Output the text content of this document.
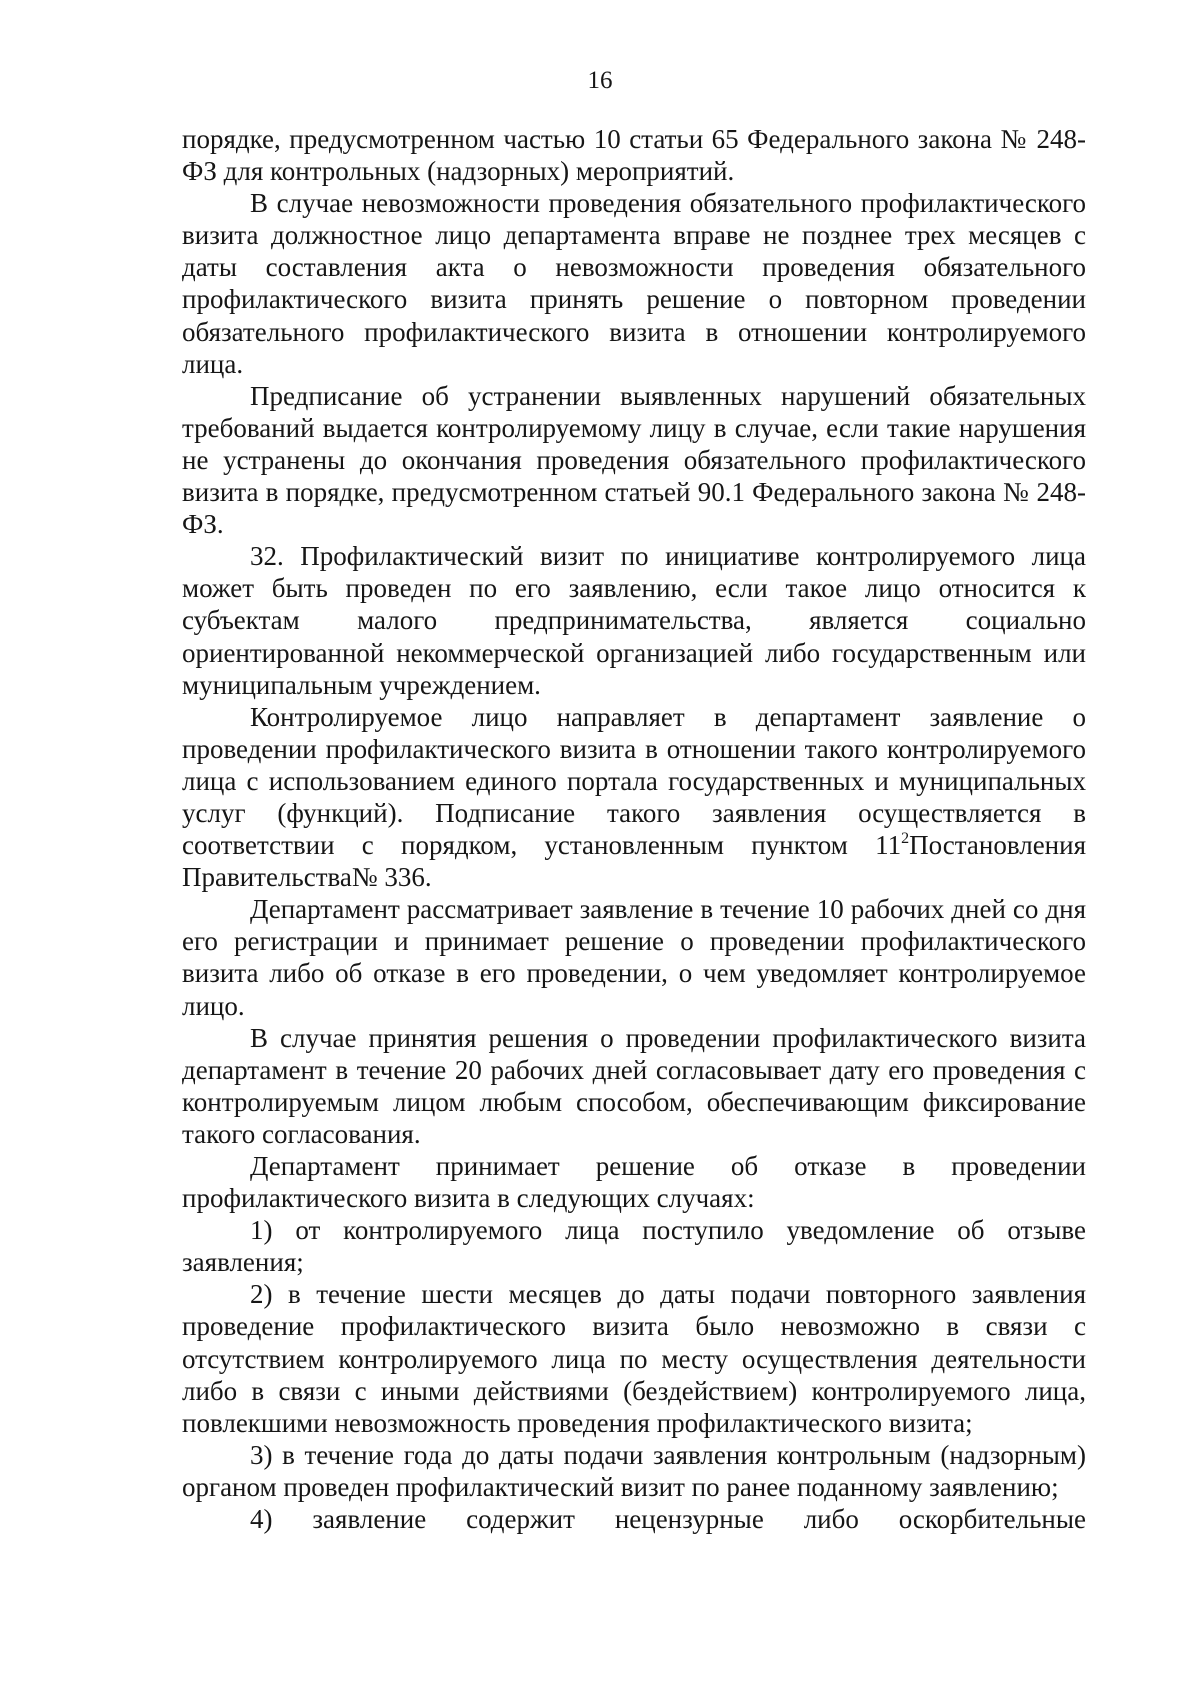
16

порядке, предусмотренном частью 10 статьи 65 Федерального закона № 248-ФЗ для контрольных (надзорных) мероприятий.

В случае невозможности проведения обязательного профилактического визита должностное лицо департамента вправе не позднее трех месяцев с даты составления акта о невозможности проведения обязательного профилактического визита принять решение о повторном проведении обязательного профилактического визита в отношении контролируемого лица.

Предписание об устранении выявленных нарушений обязательных требований выдается контролируемому лицу в случае, если такие нарушения не устранены до окончания проведения обязательного профилактического визита в порядке, предусмотренном статьей 90.1 Федерального закона № 248-ФЗ.

32. Профилактический визит по инициативе контролируемого лица может быть проведен по его заявлению, если такое лицо относится к субъектам малого предпринимательства, является социально ориентированной некоммерческой организацией либо государственным или муниципальным учреждением.

Контролируемое лицо направляет в департамент заявление о проведении профилактического визита в отношении такого контролируемого лица с использованием единого портала государственных и муниципальных услуг (функций). Подписание такого заявления осуществляется в соответствии с порядком, установленным пунктом $11^2Постановления$ Правительства№ 336.

Департамент рассматривает заявление в течение 10 рабочих дней со дня его регистрации и принимает решение о проведении профилактического визита либо об отказе в его проведении, о чем уведомляет контролируемое лицо.

В случае принятия решения о проведении профилактического визита департамент в течение 20 рабочих дней согласовывает дату его проведения с контролируемым лицом любым способом, обеспечивающим фиксирование такого согласования.

Департамент принимает решение об отказе в проведении профилактического визита в следующих случаях:

1) от контролируемого лица поступило уведомление об отзыве заявления;

2) в течение шести месяцев до даты подачи повторного заявления проведение профилактического визита было невозможно в связи с отсутствием контролируемого лица по месту осуществления деятельности либо в связи с иными действиями (бездействием) контролируемого лица, повлекшими невозможность проведения профилактического визита;

3) в течение года до даты подачи заявления контрольным (надзорным) органом проведен профилактический визит по ранее поданному заявлению;

4) заявление содержит нецензурные либо оскорбительные
